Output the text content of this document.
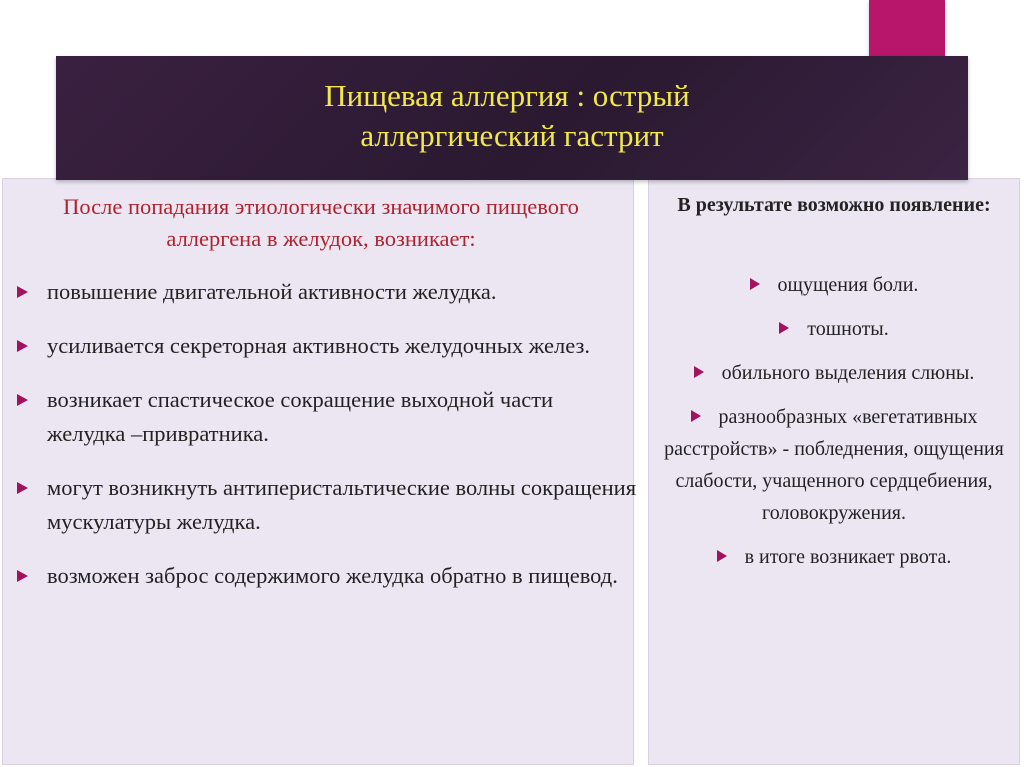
После попадания этиологически значимого пищевого аллергена в желудок, возникает:
повышение двигательной активности желудка.
усиливается секреторная активность желудочных желез.
возникает спастическое сокращение выходной части желудка –привратника.
могут возникнуть антиперистальтические волны сокращения мускулатуры желудка.
возможен заброс содержимого желудка обратно в пищевод.
В результате возможно появление:
ощущения боли.
тошноты.
обильного выделения слюны.
разнообразных «вегетативных расстройств» - побледнения, ощущения слабости, учащенного сердцебиения, головокружения.
в итоге возникает рвота.
Пищевая аллергия : острый
аллергический гастрит
